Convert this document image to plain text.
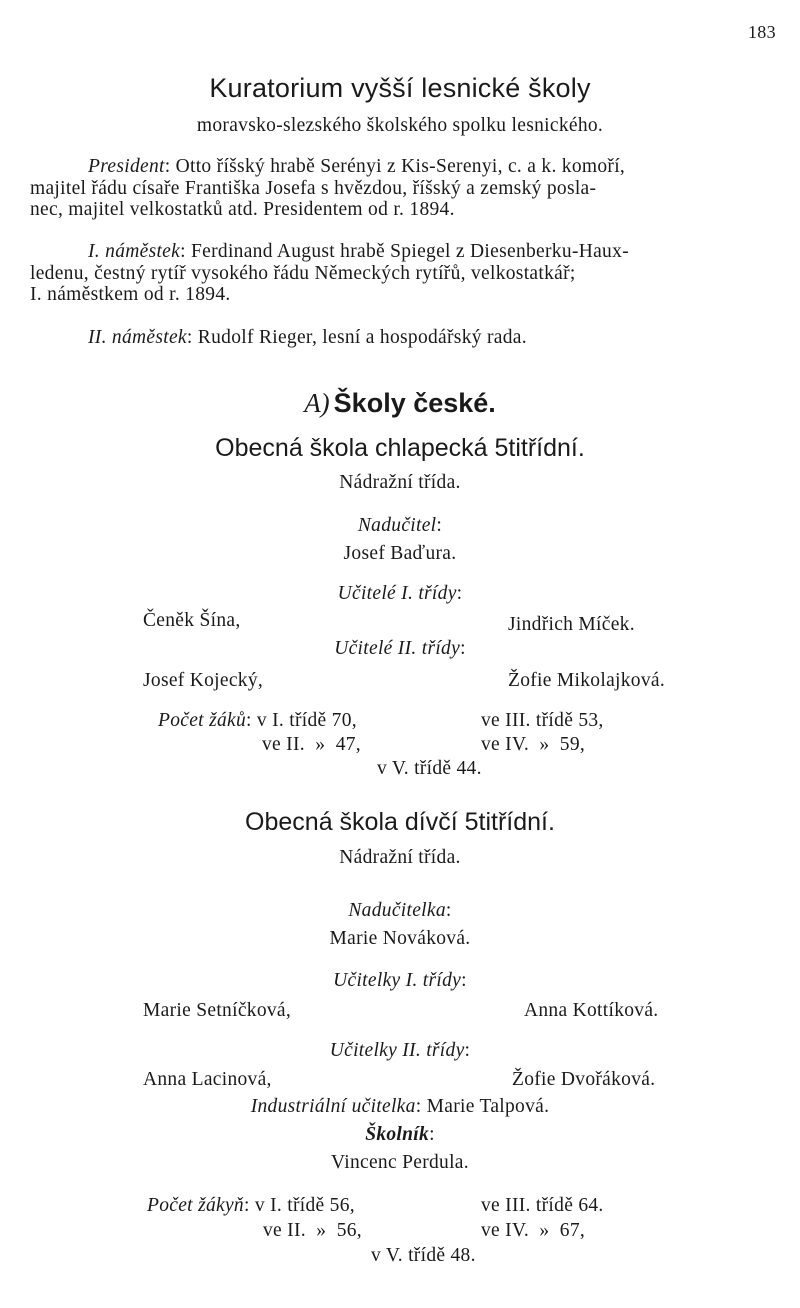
183
Kuratorium vyšší lesnické školy
moravsko-slezského školského spolku lesnického.
President: Otto říšský hrabě Serényi z Kis-Serenyi, c. a k. komoří,
majitel řádu císaře Františka Josefa s hvězdou, říšský a zemský posla-
nec, majitel velkostatků atd. Presidentem od r. 1894.
I. náměstek: Ferdinand August hrabě Spiegel z Diesenberku-Haux-
ledenu, čestný rytíř vysokého řádu Německých rytířů, velkostatkář;
I. náměstkem od r. 1894.
II. náměstek: Rudolf Rieger, lesní a hospodářský rada.
A) Školy české.
Obecná škola chlapecká 5titřídní.
Nádražní třída.
Nadučitel:
Josef Baďura.
Učitelé I. třídy:
Čeněk Šína,	Jindřich Míček.
Učitelé II. třídy:
Josef Kojecký,	Žofie Mikolajková.
Počet žáků: v I. třídě 70,	ve III. třídě 53,
ve II.  »  47,	ve IV.  »  59,
v V. třídě 44.
Obecná škola dívčí 5titřídní.
Nádražní třída.
Nadučitelka:
Marie Nováková.
Učitelky I. třídy:
Marie Setníčková,	Anna Kottíková.
Učitelky II. třídy:
Anna Lacinová,	Žofie Dvořáková.
Industriální učitelka: Marie Talpová.
Školník:
Vincenc Perdula.
Počet žákyň: v I. třídě 56,	ve III. třídě 64.
ve II.  »  56,	ve IV.  »  67,
v V. třídě 48.
